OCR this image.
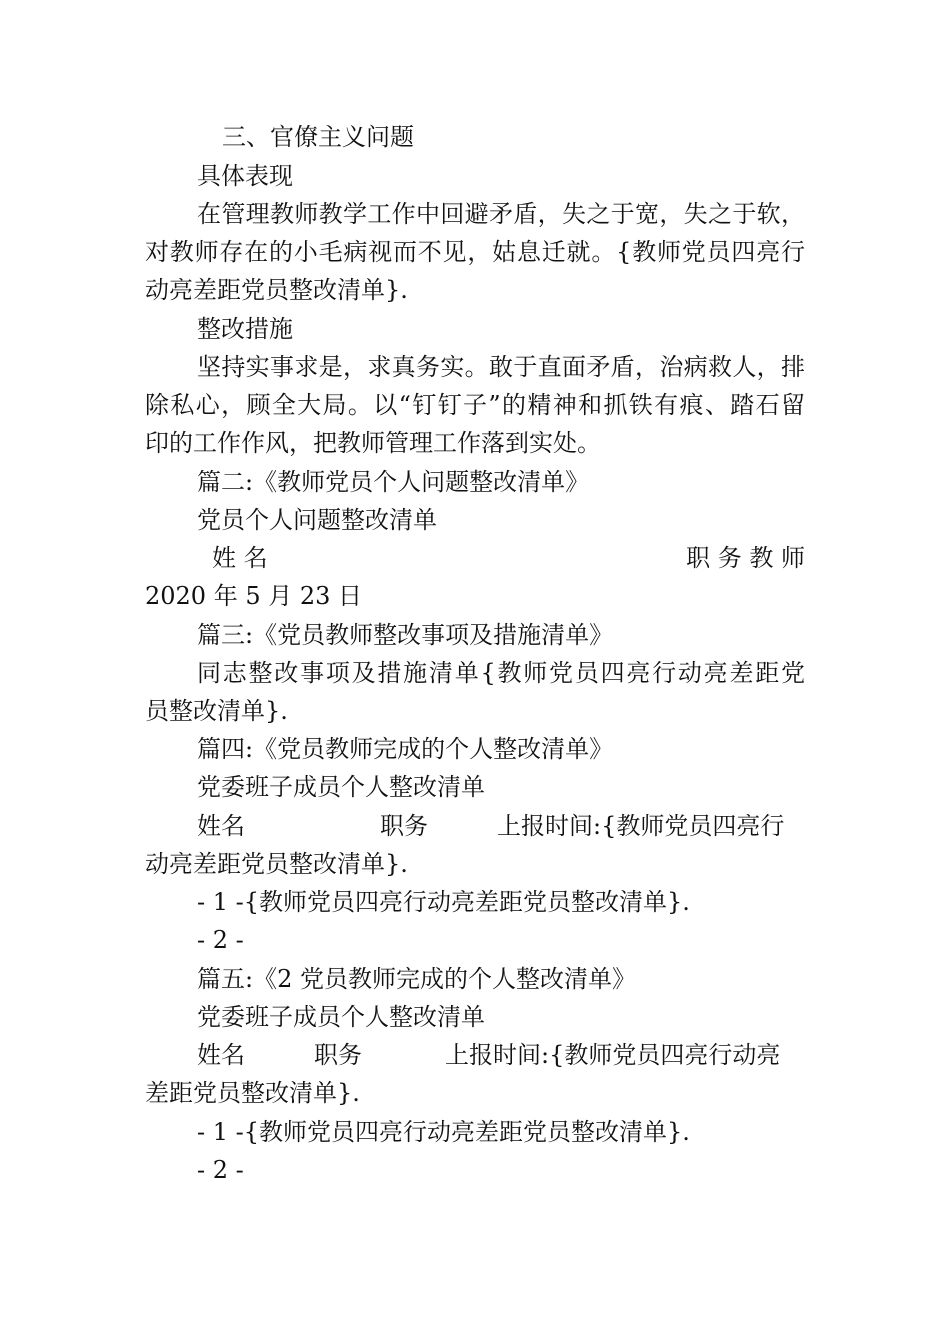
三、官僚主义问题
具体表现
在管理教师教学工作中回避矛盾，失之于宽，失之于软，
对教师存在的小毛病视而不见，姑息迁就。{教师党员四亮行
动亮差距党员整改清单}.
整改措施
坚持实事求是，求真务实。敢于直面矛盾，治病救人，排
除私心，顾全大局。以“钉钉子”的精神和抓铁有痕、踏石留
印的工作作风，把教师管理工作落到实处。
篇二:《教师党员个人问题整改清单》
党员个人问题整改清单
姓 名	职 务 教 师
2020 年 5 月 23 日
篇三:《党员教师整改事项及措施清单》
同志整改事项及措施清单{教师党员四亮行动亮差距党
员整改清单}.
篇四:《党员教师完成的个人整改清单》
党委班子成员个人整改清单
姓名	职务	上报时间:{教师党员四亮行
动亮差距党员整改清单}.
- 1 -{教师党员四亮行动亮差距党员整改清单}.
- 2 -
篇五:《2 党员教师完成的个人整改清单》
党委班子成员个人整改清单
姓名	职务	上报时间:{教师党员四亮行动亮
差距党员整改清单}.
- 1 -{教师党员四亮行动亮差距党员整改清单}.
- 2 -
